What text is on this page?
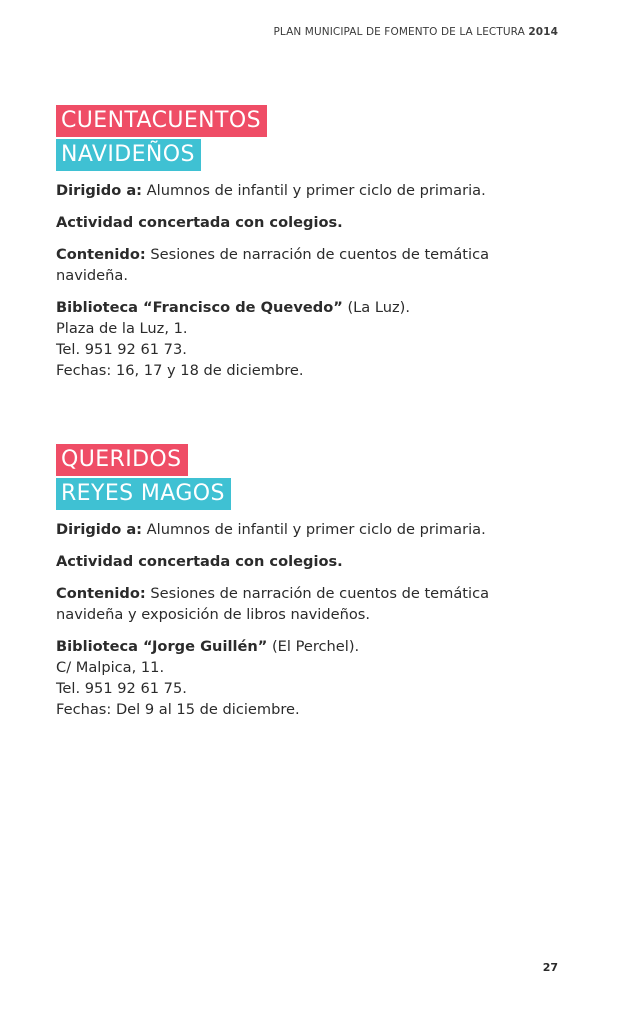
PLAN MUNICIPAL DE FOMENTO DE LA LECTURA 2014
CUENTACUENTOS
NAVIDEÑOS

Dirigido a: Alumnos de infantil y primer ciclo de primaria.

Actividad concertada con colegios.

Contenido: Sesiones de narración de cuentos de temática navideña.

Biblioteca “Francisco de Quevedo” (La Luz).
Plaza de la Luz, 1.
Tel. 951 92 61 73.
Fechas: 16, 17 y 18 de diciembre.
QUERIDOS
REYES MAGOS

Dirigido a: Alumnos de infantil y primer ciclo de primaria.

Actividad concertada con colegios.

Contenido: Sesiones de narración de cuentos de temática navideña y exposición de libros navideños.

Biblioteca “Jorge Guillén” (El Perchel).
C/ Malpica, 11.
Tel. 951 92 61 75.
Fechas: Del 9 al 15 de diciembre.
27
